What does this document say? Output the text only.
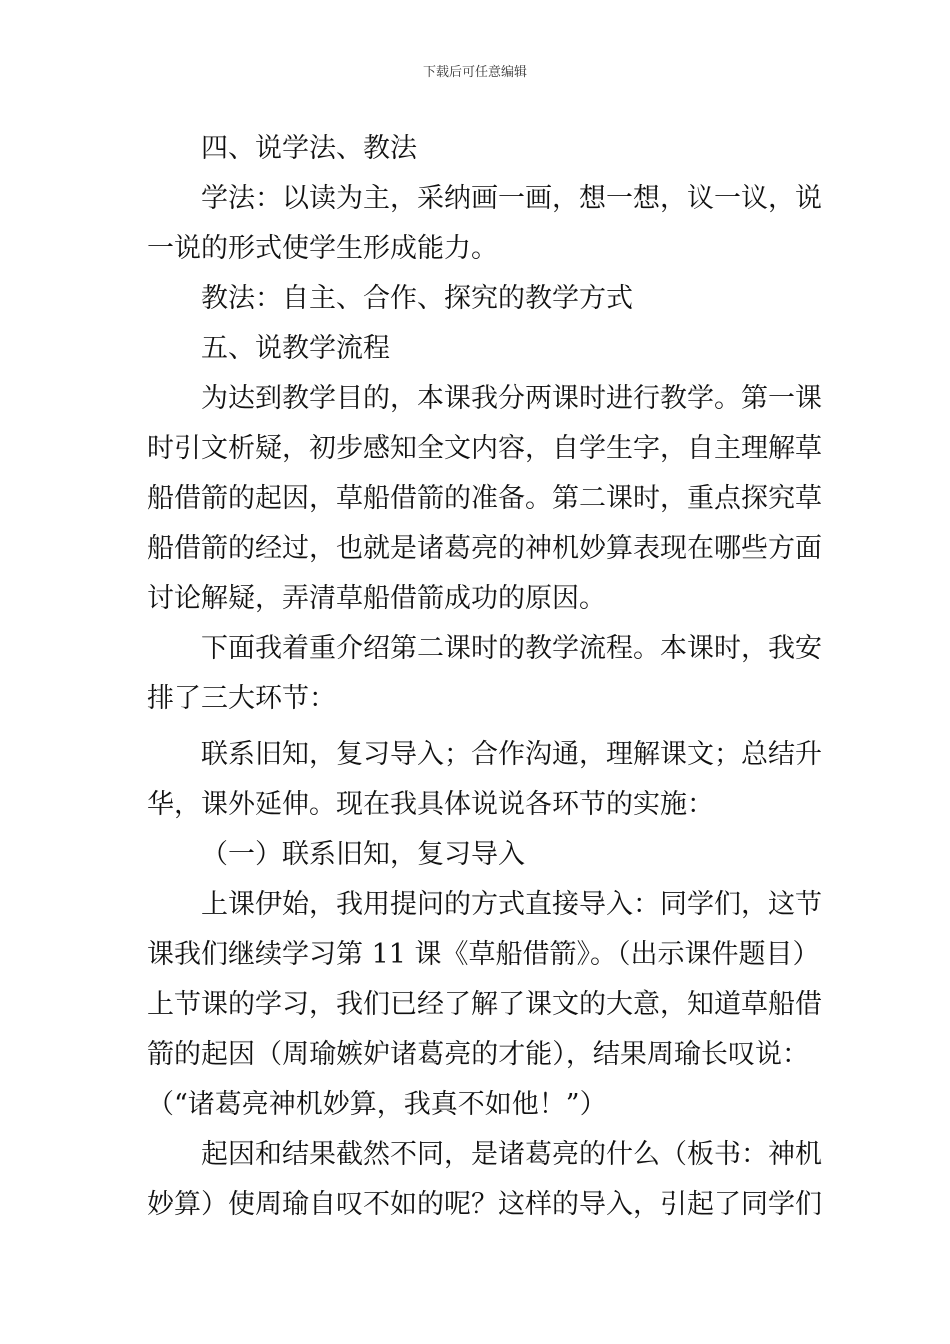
下载后可任意编辑
四、说学法、教法
学法：以读为主，采纳画一画，想一想，议一议，说
一说的形式使学生形成能力。
教法：自主、合作、探究的教学方式
五、说教学流程
为达到教学目的，本课我分两课时进行教学。第一课
时引文析疑，初步感知全文内容，自学生字，自主理解草
船借箭的起因，草船借箭的准备。第二课时，重点探究草
船借箭的经过，也就是诸葛亮的神机妙算表现在哪些方面
讨论解疑，弄清草船借箭成功的原因。
下面我着重介绍第二课时的教学流程。本课时，我安
排了三大环节：
联系旧知，复习导入；合作沟通，理解课文；总结升
华，课外延伸。现在我具体说说各环节的实施：
（一）联系旧知，复习导入
上课伊始，我用提问的方式直接导入：同学们，这节
课我们继续学习第 11 课《草船借箭》。（出示课件题目）
上节课的学习，我们已经了解了课文的大意，知道草船借
箭的起因（周瑜嫉妒诸葛亮的才能），结果周瑜长叹说：
（“诸葛亮神机妙算，我真不如他！”）
起因和结果截然不同，是诸葛亮的什么（板书：神机
妙算）使周瑜自叹不如的呢？这样的导入，引起了同学们
